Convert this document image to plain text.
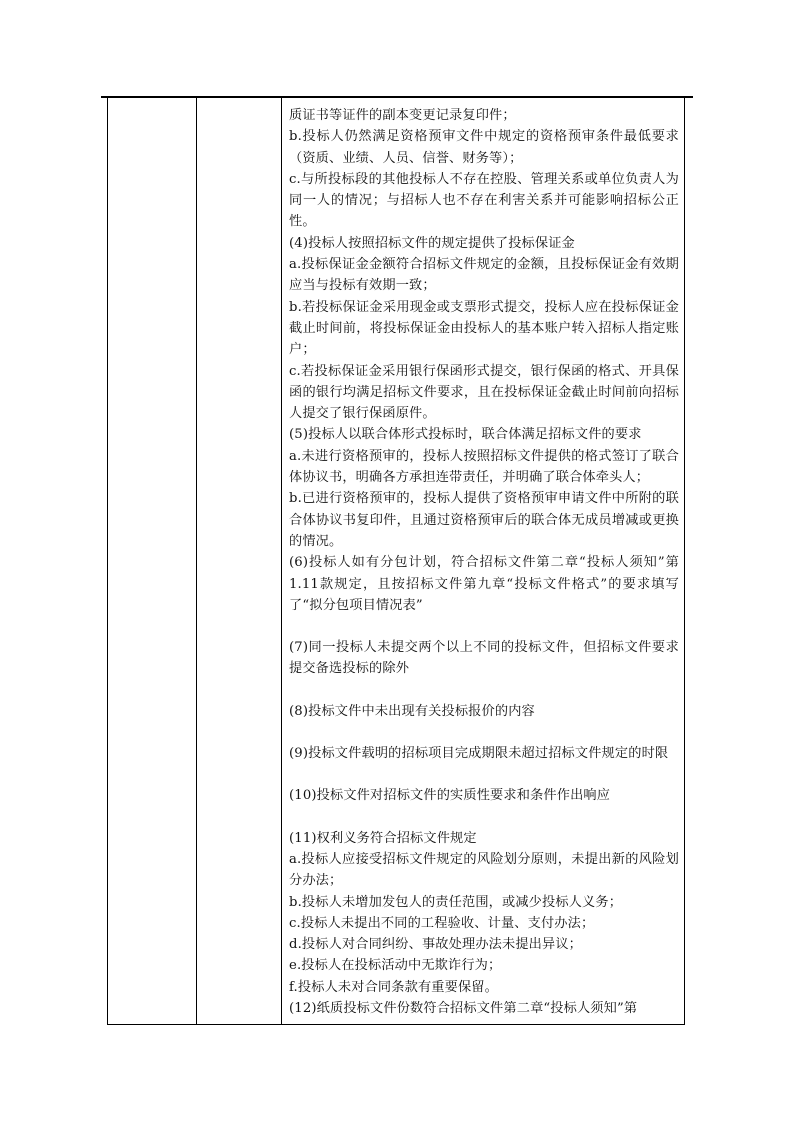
质证书等证件的副本变更记录复印件；

b.投标人仍然满足资格预审文件中规定的资格预审条件最低要求（资质、业绩、人员、信誉、财务等）；

c.与所投标段的其他投标人不存在控股、管理关系或单位负责人为同一人的情况；与招标人也不存在利害关系并可能影响招标公正性。

(4)投标人按照招标文件的规定提供了投标保证金

a.投标保证金金额符合招标文件规定的金额，且投标保证金有效期应当与投标有效期一致；

b.若投标保证金采用现金或支票形式提交，投标人应在投标保证金截止时间前，将投标保证金由投标人的基本账户转入招标人指定账户；

c.若投标保证金采用银行保函形式提交，银行保函的格式、开具保函的银行均满足招标文件要求，且在投标保证金截止时间前向招标人提交了银行保函原件。

(5)投标人以联合体形式投标时，联合体满足招标文件的要求

a.未进行资格预审的，投标人按照招标文件提供的格式签订了联合体协议书，明确各方承担连带责任，并明确了联合体牵头人；

b.已进行资格预审的，投标人提供了资格预审申请文件中所附的联合体协议书复印件，且通过资格预审后的联合体无成员增减或更换的情况。

(6)投标人如有分包计划，符合招标文件第二章“投标人须知”第1.11款规定，且按招标文件第九章“投标文件格式”的要求填写了“拟分包项目情况表”

(7)同一投标人未提交两个以上不同的投标文件，但招标文件要求提交备选投标的除外

(8)投标文件中未出现有关投标报价的内容

(9)投标文件载明的招标项目完成期限未超过招标文件规定的时限

(10)投标文件对招标文件的实质性要求和条件作出响应

(11)权利义务符合招标文件规定

a.投标人应接受招标文件规定的风险划分原则，未提出新的风险划分办法；

b.投标人未增加发包人的责任范围，或减少投标人义务；

c.投标人未提出不同的工程验收、计量、支付办法；

d.投标人对合同纠纷、事故处理办法未提出异议；

e.投标人在投标活动中无欺诈行为；

f.投标人未对合同条款有重要保留。

(12)纸质投标文件份数符合招标文件第二章“投标人须知”第
